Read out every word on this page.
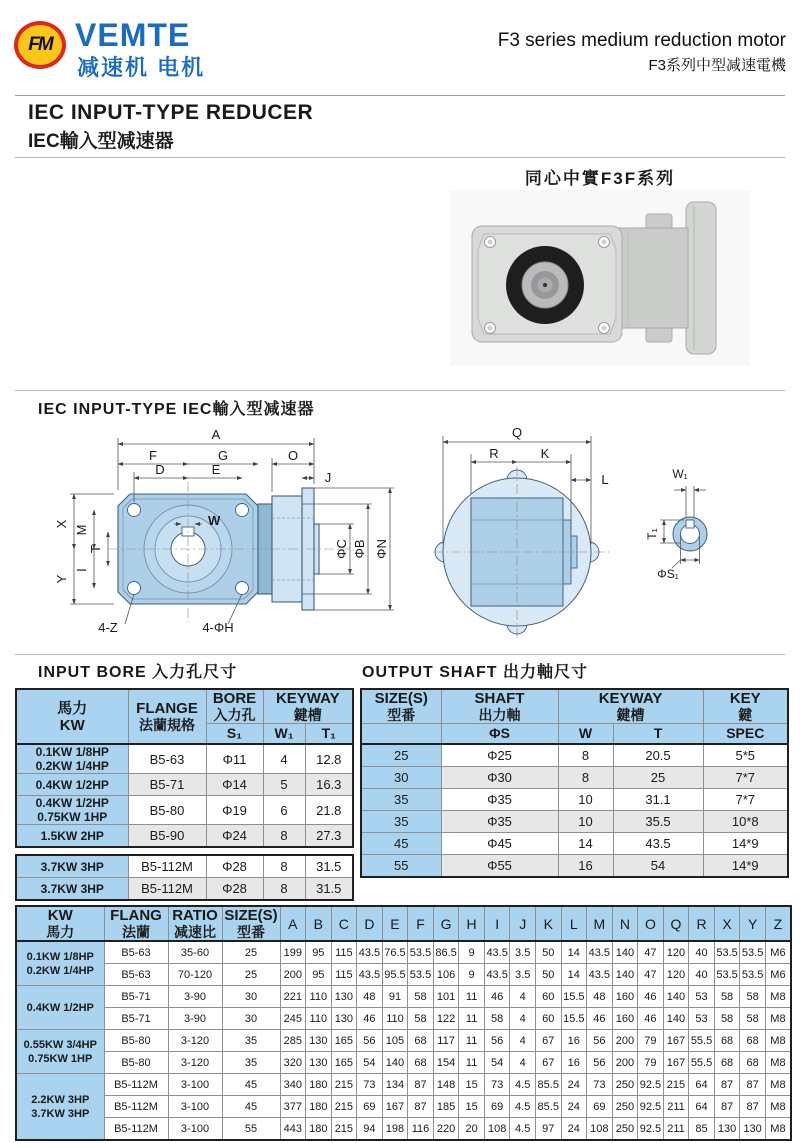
FM VEMTE
减速机 电机
F3 series medium reduction motor
F3系列中型减速電機
IEC INPUT-TYPE REDUCER
IEC輸入型减速器
同心中實F3F系列
IEC INPUT-TYPE IEC輸入型减速器
A
F	G	O
J
D	E
X
M
T
Y
I
W
ΦC ΦB ΦN
4-Z	4-ΦH
Q
R	K
L	W₁
T₁
ΦS₁
INPUT BORE 入力孔尺寸	OUTPUT SHAFT 出力軸尺寸
馬力
KW

FLANGE
法蘭規格

BORE
入力孔

KEYWAY
鍵槽

		S₁	W₁	T₁

0.1KW 1/8HP
0.2KW 1/4HP	B5-63	Φ11	4	12.8

0.4KW 1/2HP	B5-71	Φ14	5	16.3

0.4KW 1/2HP
0.75KW 1HP	B5-80	Φ19	6	21.8

1.5KW 2HP	B5-90	Φ24	8	27.3
3.7KW 3HP	B5-112M	Φ28	8	31.5

3.7KW 3HP	B5-112M	Φ28	8	31.5
SIZE(S)
型番

SHAFT
出力軸

KEYWAY
鍵槽

KEY
鍵

	ΦS	W	T	SPEC
25	Φ25	8	20.5	5*5
30	Φ30	8	25	7*7
35	Φ35	10	31.1	7*7
35	Φ35	10	35.5	10*8
45	Φ45	14	43.5	14*9
55	Φ55	16	54	14*9
KW
馬力

FLANG
法蘭

RATIO
减速比

SIZE(S)
型番
	A	B	C	D	E	F	G	H	I	J	K	L	M	N	O	Q	R	X	Y	Z

0.1KW 1/8HP
0.2KW 1/4HP	B5-63	35-60	25	199	95	115	43.5	76.5	53.5	86.5	9	43.5	3.5	50	14	43.5	140	47	120	40	53.5	53.5	M6
	B5-63	70-120	25	200	95	115	43.5	95.5	53.5	106	9	43.5	3.5	50	14	43.5	140	47	120	40	53.5	53.5	M6

0.4KW 1/2HP	B5-71	3-90	30	221	110	130	48	91	58	101	11	46	4	60	15.5	48	160	46	140	53	58	58	M8
	B5-71	3-90	30	245	110	130	46	110	58	122	11	58	4	60	15.5	46	160	46	140	53	58	58	M8

0.55KW 3/4HP
0.75KW 1HP	B5-80	3-120	35	285	130	165	56	105	68	117	11	56	4	67	16	56	200	79	167	55.5	68	68	M8
	B5-80	3-120	35	320	130	165	54	140	68	154	11	54	4	67	16	56	200	79	167	55.5	68	68	M8

2.2KW 3HP
3.7KW 3HP	B5-112M	3-100	45	340	180	215	73	134	87	148	15	73	4.5	85.5	24	73	250	92.5	215	64	87	87	M8
	B5-112M	3-100	45	377	180	215	69	167	87	185	15	69	4.5	85.5	24	69	250	92.5	211	64	87	87	M8
	B5-112M	3-100	55	443	180	215	94	198	116	220	20	108	4.5	97	24	108	250	92.5	211	85	130	130	M8
